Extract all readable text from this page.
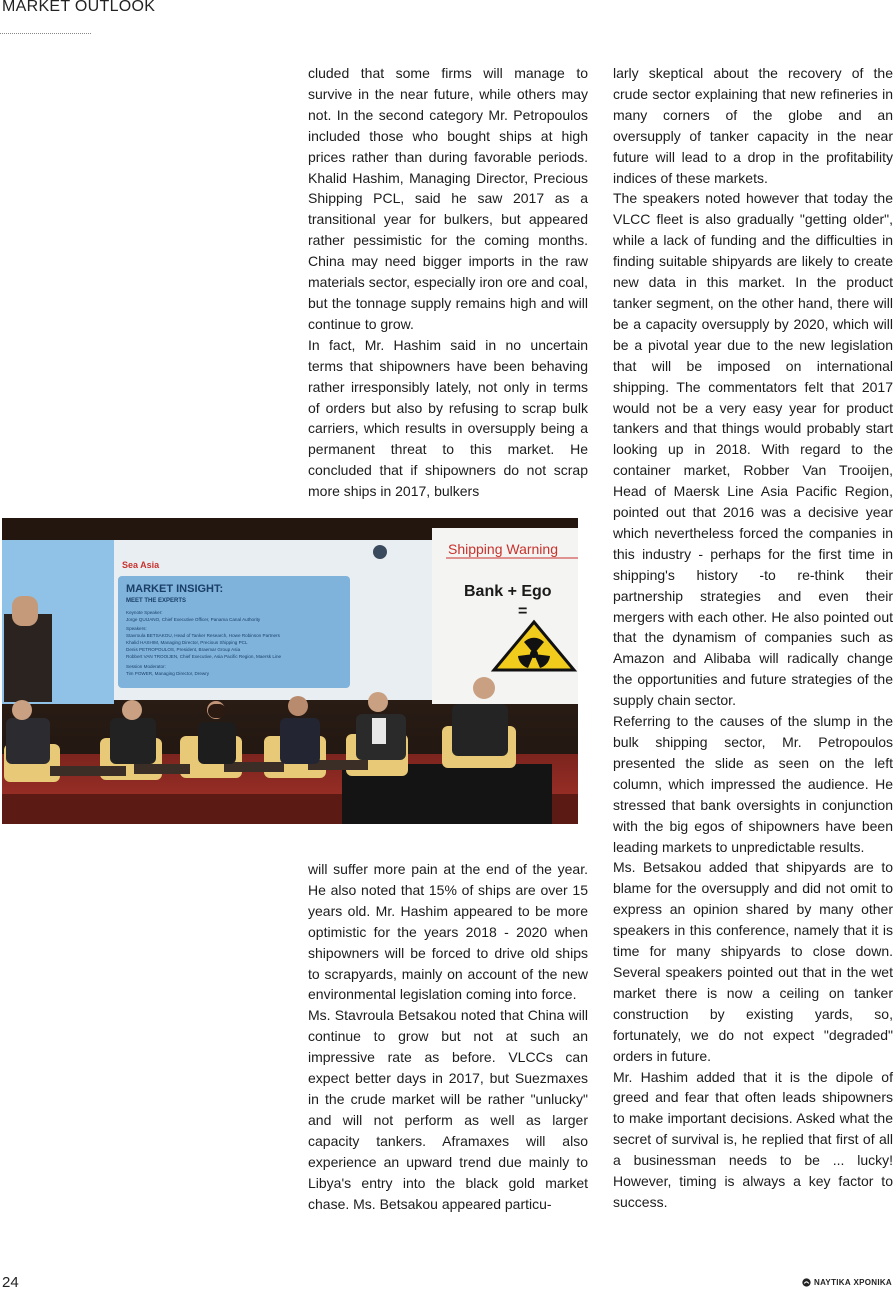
MARKET OUTLOOK

cluded that some firms will manage to survive in the near future, while others may not. In the second category Mr. Petropoulos included those who bought ships at high prices rather than during favorable periods. Khalid Hashim, Managing Director, Precious Shipping PCL, said he saw 2017 as a transitional year for bulkers, but appeared rather pessimistic for the coming months. China may need bigger imports in the raw materials sector, especially iron ore and coal, but the tonnage supply remains high and will continue to grow.

In fact, Mr. Hashim said in no uncertain terms that shipowners have been behaving rather irresponsibly lately, not only in terms of orders but also by refusing to scrap bulk carriers, which results in oversupply being a permanent threat to this market. He concluded that if shipowners do not scrap more ships in 2017, bulkers

will suffer more pain at the end of the year. He also noted that 15% of ships are over 15 years old. Mr. Hashim appeared to be more optimistic for the years 2018 - 2020 when shipowners will be forced to drive old ships to scrapyards, mainly on account of the new environmental legislation coming into force.

Ms. Stavroula Betsakou noted that China will continue to grow but not at such an impressive rate as before. VLCCs can expect better days in 2017, but Suezmaxes in the crude market will be rather "unlucky" and will not perform as well as larger capacity tankers. Aframaxes will also experience an upward trend due mainly to Libya's entry into the black gold market chase. Ms. Betsakou appeared particu-

larly skeptical about the recovery of the crude sector explaining that new refineries in many corners of the globe and an oversupply of tanker capacity in the near future will lead to a drop in the profitability indices of these markets.

The speakers noted however that today the VLCC fleet is also gradually "getting older", while a lack of funding and the difficulties in finding suitable shipyards are likely to create new data in this market. In the product tanker segment, on the other hand, there will be a capacity oversupply by 2020, which will be a pivotal year due to the new legislation that will be imposed on international shipping. The commentators felt that 2017 would not be a very easy year for product tankers and that things would probably start looking up in 2018. With regard to the container market, Robber Van Trooijen, Head of Maersk Line Asia Pacific Region, pointed out that 2016 was a decisive year which nevertheless forced the companies in this industry - perhaps for the first time in shipping's history -to re-think their partnership strategies and even their mergers with each other. He also pointed out that the dynamism of companies such as Amazon and Alibaba will radically change the opportunities and future strategies of the supply chain sector.

Referring to the causes of the slump in the bulk shipping sector, Mr. Petropoulos presented the slide as seen on the left column, which impressed the audience. He stressed that bank oversights in conjunction with the big egos of shipowners have been leading markets to unpredictable results.

Ms. Betsakou added that shipyards are to blame for the oversupply and did not omit to express an opinion shared by many other speakers in this conference, namely that it is time for many shipyards to close down. Several speakers pointed out that in the wet market there is now a ceiling on tanker construction by existing yards, so, fortunately, we do not expect "degraded" orders in future.

Mr. Hashim added that it is the dipole of greed and fear that often leads shipowners to make important decisions. Asked what the secret of survival is, he replied that first of all a businessman needs to be ... lucky! However, timing is always a key factor to success.

Sea Asia
MARKET INSIGHT:
MEET THE EXPERTS
Keynote Speaker:
Jorge QUIJANO, Chief Executive Officer, Panama Canal Authority
Speakers:
Stavroula BETSAKOU, Head of Tanker Research, Howe Robinson Partners
Khalid HASHIM, Managing Director, Precious Shipping PCL
Denis PETROPOULOS, President, Braemar Group Asia
Robbert VAN TROOIJEN, Chief Executive, Asia Pacific Region, Maersk Line
Session Moderator:
Tim POWER, Managing Director, Drewry
Shipping Warning
Bank + Ego
=
24	ΝΑΥΤΙΚΑ ΧΡΟΝΙΚΑ
